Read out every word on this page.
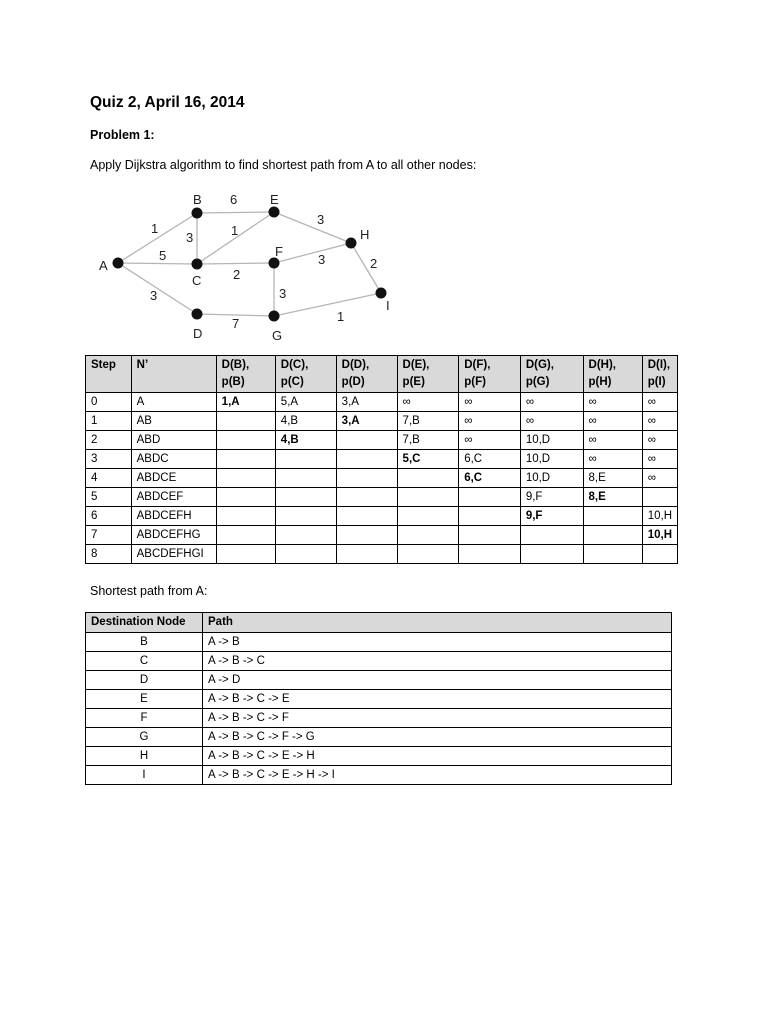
Quiz 2, April 16, 2014
Problem 1:
Apply Dijkstra algorithm to find shortest path from A to all other nodes:
1
5
3
3
6
1
2
7
3
3
3
2
1
A
B
C
D
E
F
G
H
I
Step	N’	D(B), p(B)	D(C), p(C)	D(D), p(D)	D(E), p(E)	D(F), p(F)	D(G), p(G)	D(H), p(H)	D(I), p(I)
0	A	1,A	5,A	3,A	∞	∞	∞	∞	∞
1	AB		4,B	3,A	7,B	∞	∞	∞	∞
2	ABD		4,B		7,B	∞	10,D	∞	∞
3	ABDC				5,C	6,C	10,D	∞	∞
4	ABDCE					6,C	10,D	8,E	∞
5	ABDCEF						9,F	8,E	
6	ABDCEFH						9,F		10,H
7	ABDCEFHG								10,H
8	ABCDEFHGI								
Shortest path from A:
Destination Node	Path
B	A -> B
C	A -> B -> C
D	A -> D
E	A -> B -> C -> E
F	A -> B -> C -> F
G	A -> B -> C -> F -> G
H	A -> B -> C -> E -> H
I	A -> B -> C -> E -> H -> I
